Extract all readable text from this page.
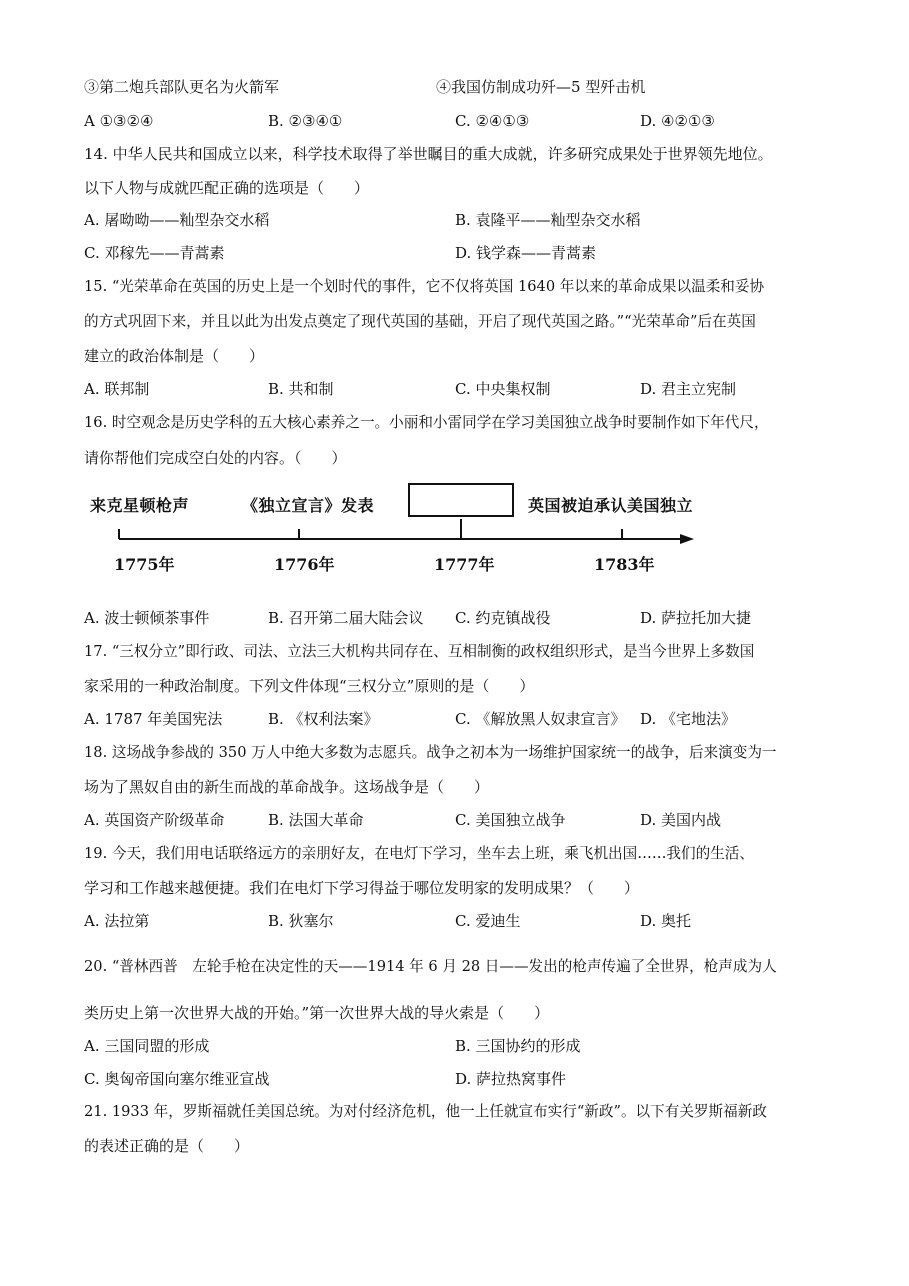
③第二炮兵部队更名为火箭军	④我国仿制成功歼—5 型歼击机
A ①③②④	B. ②③④①	C. ②④①③	D. ④②①③
14. 中华人民共和国成立以来，科学技术取得了举世瞩目的重大成就，许多研究成果处于世界领先地位。
以下人物与成就匹配正确的选项是（　　）
A. 屠呦呦——籼型杂交水稻	B. 袁隆平——籼型杂交水稻
C. 邓稼先——青蒿素	D. 钱学森——青蒿素
15. “光荣革命在英国的历史上是一个划时代的事件，它不仅将英国 1640 年以来的革命成果以温柔和妥协
的方式巩固下来，并且以此为出发点奠定了现代英国的基础，开启了现代英国之路。”“光荣革命”后在英国
建立的政治体制是（　　）
A. 联邦制	B. 共和制	C. 中央集权制	D. 君主立宪制
16. 时空观念是历史学科的五大核心素养之一。小丽和小雷同学在学习美国独立战争时要制作如下年代尺，
请你帮他们完成空白处的内容。（　　）
来克星顿枪声	《独立宣言》发表	英国被迫承认美国独立
1775年	1776年	1777年	1783年
A. 波士顿倾茶事件	B. 召开第二届大陆会议 C. 约克镇战役	D. 萨拉托加大捷
17. “三权分立”即行政、司法、立法三大机构共同存在、互相制衡的政权组织形式，是当今世界上多数国
家采用的一种政治制度。下列文件体现“三权分立”原则的是（　　）
A. 1787 年美国宪法	B. 《权利法案》	C. 《解放黑人奴隶宣言》 D. 《宅地法》
18. 这场战争参战的 350 万人中绝大多数为志愿兵。战争之初本为一场维护国家统一的战争，后来演变为一
场为了黑奴自由的新生而战的革命战争。这场战争是（　　）
A. 英国资产阶级革命	B. 法国大革命	C. 美国独立战争	D. 美国内战
19. 今天，我们用电话联络远方的亲朋好友，在电灯下学习，坐车去上班，乘飞机出国……我们的生活、
学习和工作越来越便捷。我们在电灯下学习得益于哪位发明家的发明成果？（　　）
A. 法拉第	B. 狄塞尔	C. 爱迪生	D. 奥托
20. “普林西普　左轮手枪在决定性的天——1914 年 6 月 28 日——发出的枪声传遍了全世界，枪声成为人
类历史上第一次世界大战的开始。”第一次世界大战的导火索是（　　）
A. 三国同盟的形成	B. 三国协约的形成
C. 奥匈帝国向塞尔维亚宣战	D. 萨拉热窝事件
21. 1933 年，罗斯福就任美国总统。为对付经济危机，他一上任就宣布实行“新政”。以下有关罗斯福新政
的表述正确的是（　　）
